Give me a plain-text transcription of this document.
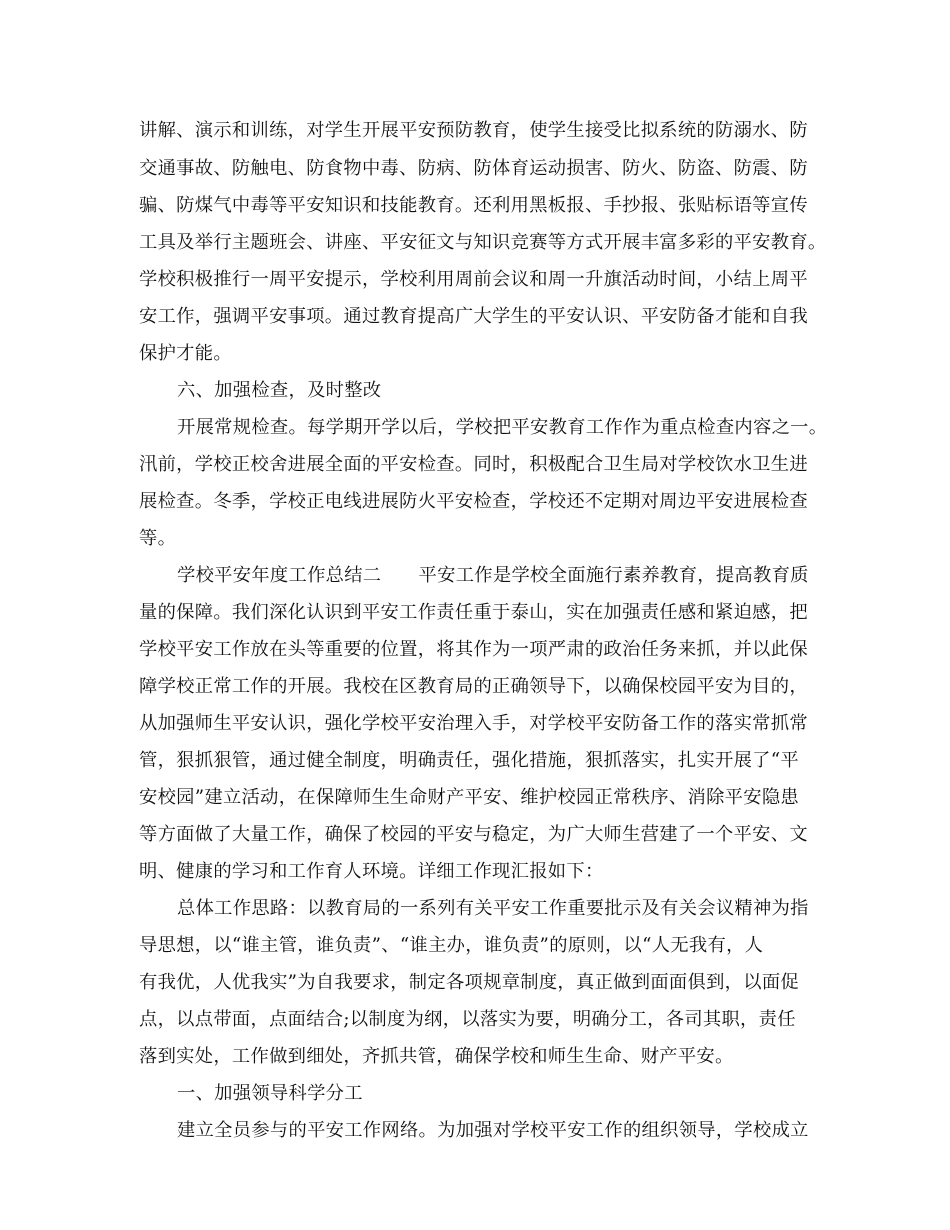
讲解、演示和训练，对学生开展平安预防教育，使学生接受比拟系统的防溺水、防
交通事故、防触电、防食物中毒、防病、防体育运动损害、防火、防盗、防震、防
骗、防煤气中毒等平安知识和技能教育。还利用黑板报、手抄报、张贴标语等宣传
工具及举行主题班会、讲座、平安征文与知识竞赛等方式开展丰富多彩的平安教育。
学校积极推行一周平安提示，学校利用周前会议和周一升旗活动时间，小结上周平
安工作，强调平安事项。通过教育提高广大学生的平安认识、平安防备才能和自我
保护才能。
六、加强检查，及时整改
开展常规检查。每学期开学以后，学校把平安教育工作作为重点检查内容之一。
汛前，学校正校舍进展全面的平安检查。同时，积极配合卫生局对学校饮水卫生进
展检查。冬季，学校正电线进展防火平安检查，学校还不定期对周边平安进展检查
等。
学校平安年度工作总结二　　平安工作是学校全面施行素养教育，提高教育质
量的保障。我们深化认识到平安工作责任重于泰山，实在加强责任感和紧迫感，把
学校平安工作放在头等重要的位置，将其作为一项严肃的政治任务来抓，并以此保
障学校正常工作的开展。我校在区教育局的正确领导下，以确保校园平安为目的，
从加强师生平安认识，强化学校平安治理入手，对学校平安防备工作的落实常抓常
管，狠抓狠管，通过健全制度，明确责任，强化措施，狠抓落实，扎实开展了“平
安校园”建立活动，在保障师生生命财产平安、维护校园正常秩序、消除平安隐患
等方面做了大量工作，确保了校园的平安与稳定，为广大师生营建了一个平安、文
明、健康的学习和工作育人环境。详细工作现汇报如下：
总体工作思路：以教育局的一系列有关平安工作重要批示及有关会议精神为指
导思想，以“谁主管，谁负责”、“谁主办，谁负责”的原则，以“人无我有，人
有我优，人优我实”为自我要求，制定各项规章制度，真正做到面面俱到，以面促
点，以点带面，点面结合;以制度为纲，以落实为要，明确分工，各司其职，责任
落到实处，工作做到细处，齐抓共管，确保学校和师生生命、财产平安。
一、加强领导科学分工
建立全员参与的平安工作网络。为加强对学校平安工作的组织领导，学校成立
